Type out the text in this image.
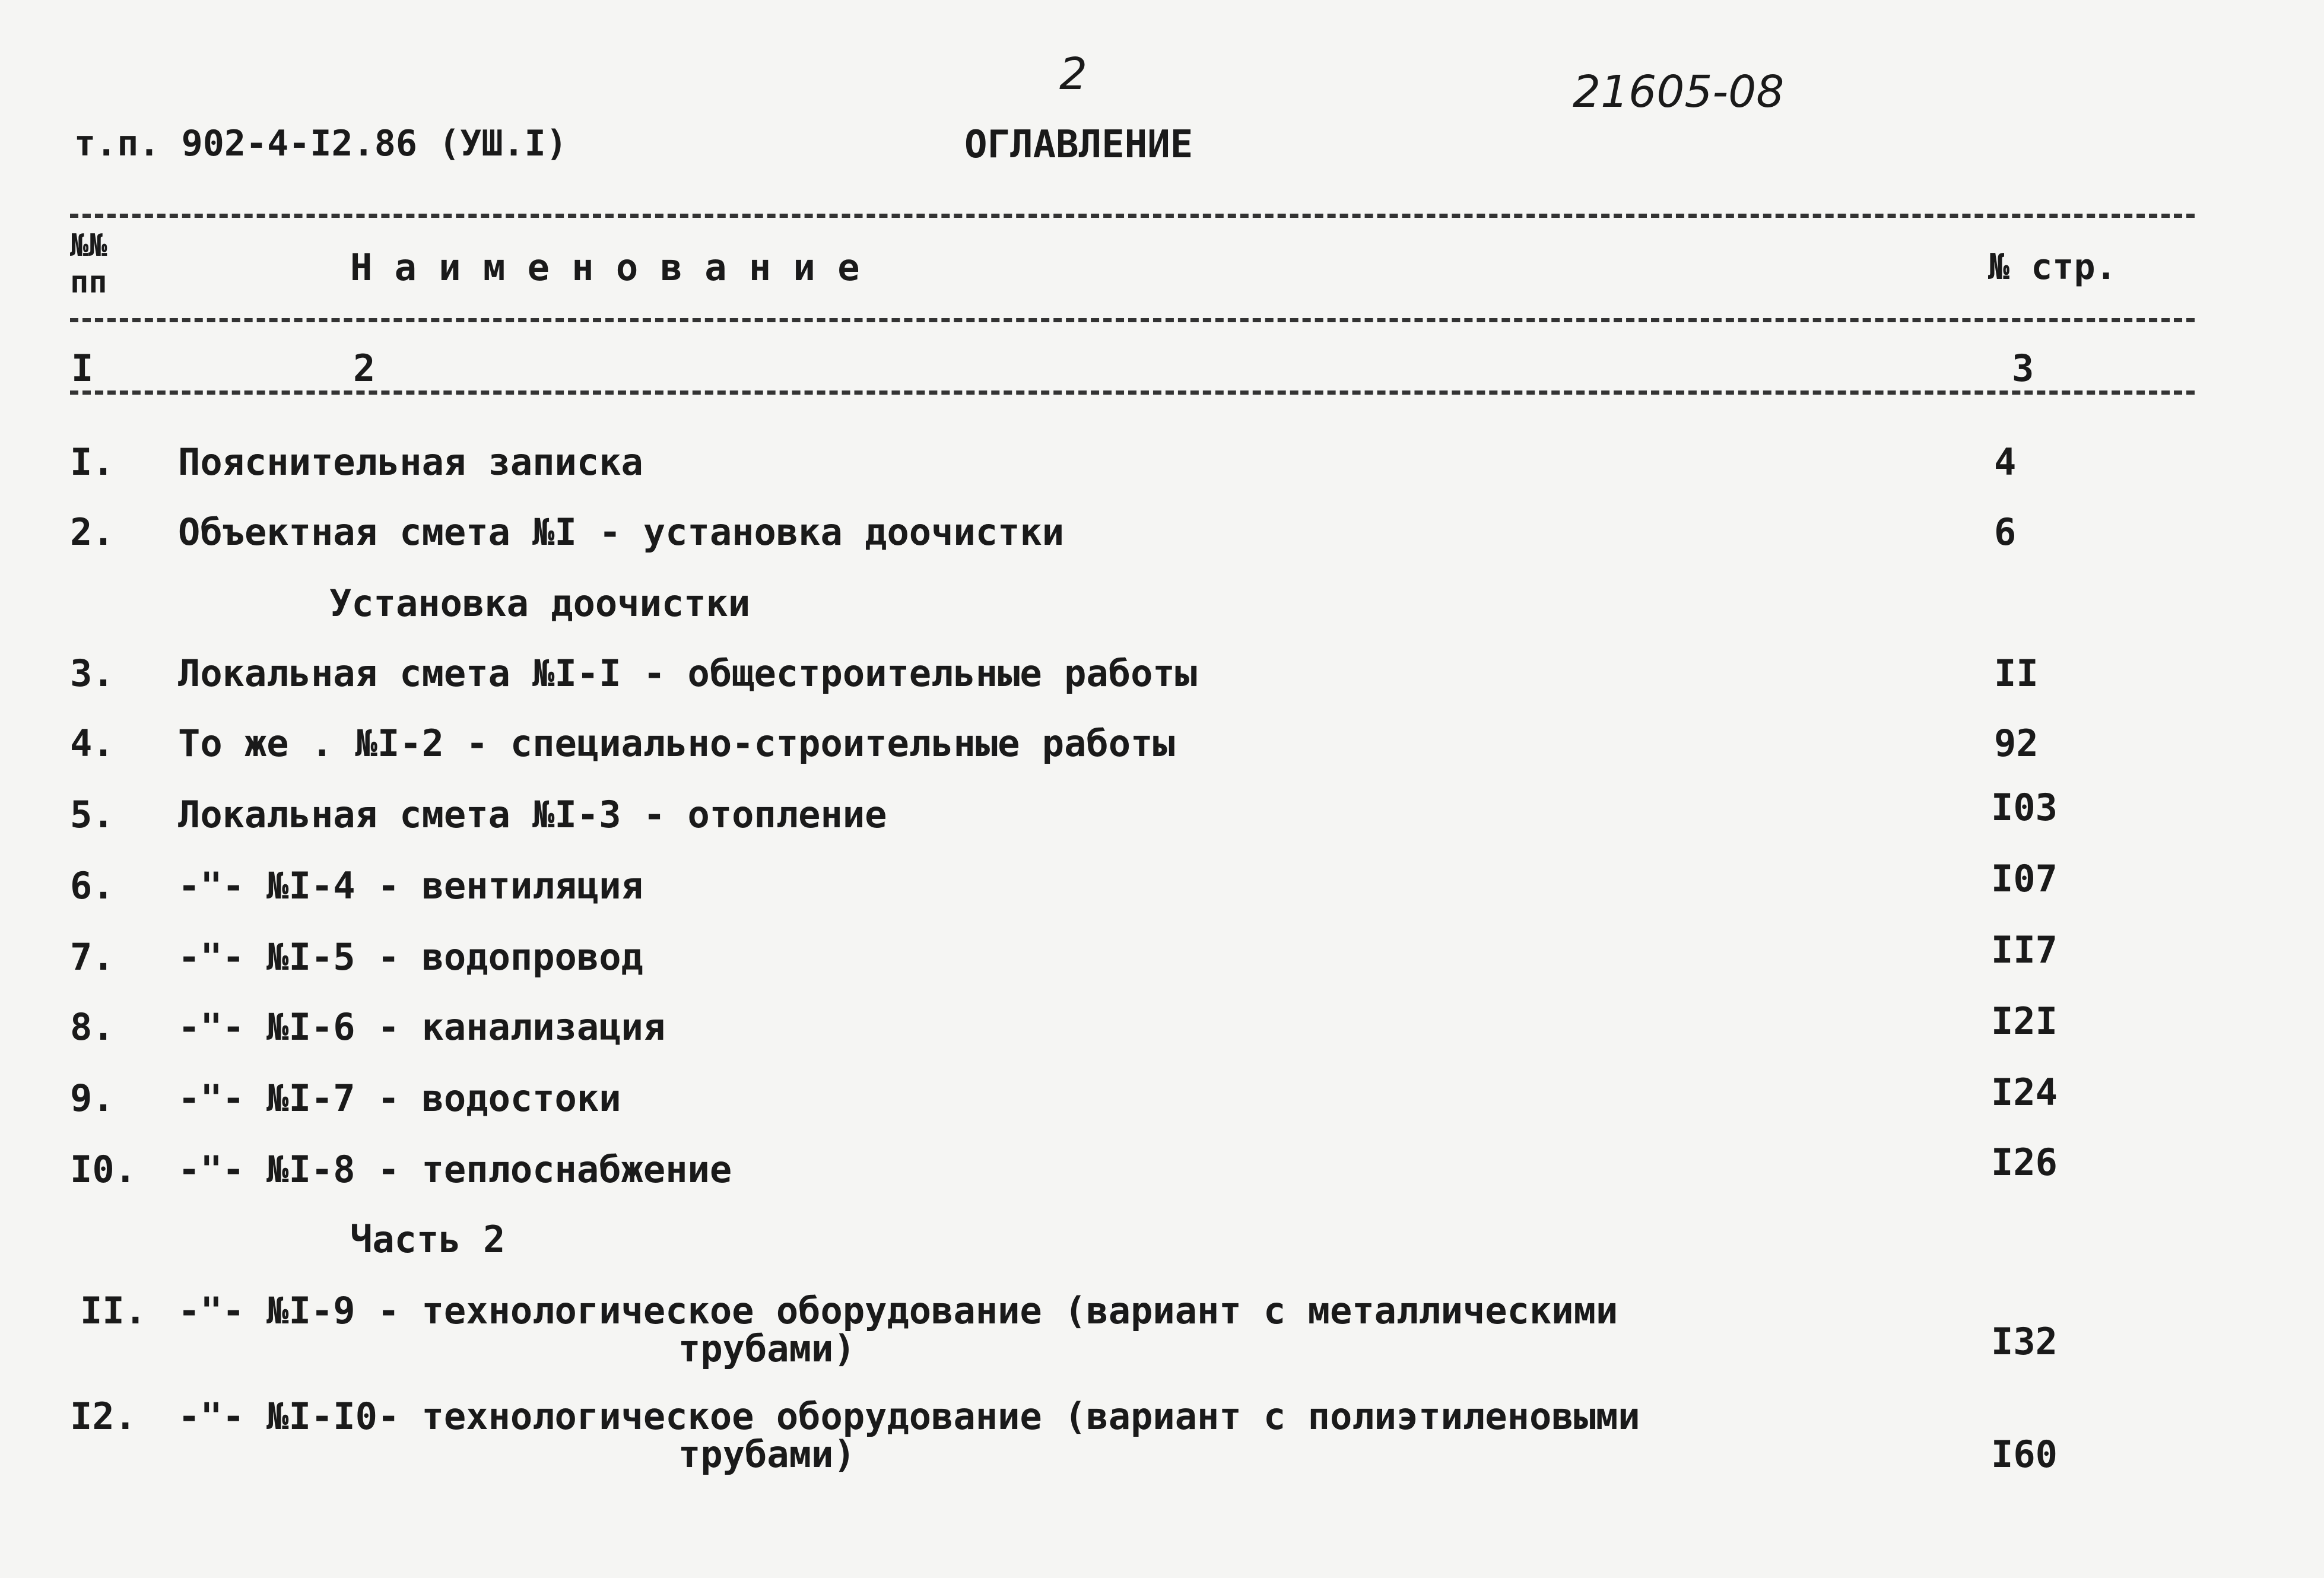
2	21605-08
т.п. 902-4-I2.86 (УШ.I)	ОГЛАВЛЕНИЕ
№№
пп	Н а и м е н о в а н и е	№ стр.
I	2	3
I. Пояснительная записка	4
2. Объектная смета №I - установка доочистки	6
Установка доочистки
3. Локальная смета №I-I - общестроительные работы	II
4. То же . №I-2 - специально-строительные работы	92
5. Локальная смета №I-3 - отопление	I03
6. -"- №I-4 - вентиляция	I07
7. -"- №I-5 - водопровод	II7
8. -"- №I-6 - канализация	I2I
9. -"- №I-7 - водостоки	I24
I0. -"- №I-8 - теплоснабжение	I26
Часть 2
II. -"- №I-9 - технологическое оборудование (вариант с металлическими
трубами)	I32
I2. -"- №I-I0- технологическое оборудование (вариант с полиэтиленовыми
трубами)	I60
